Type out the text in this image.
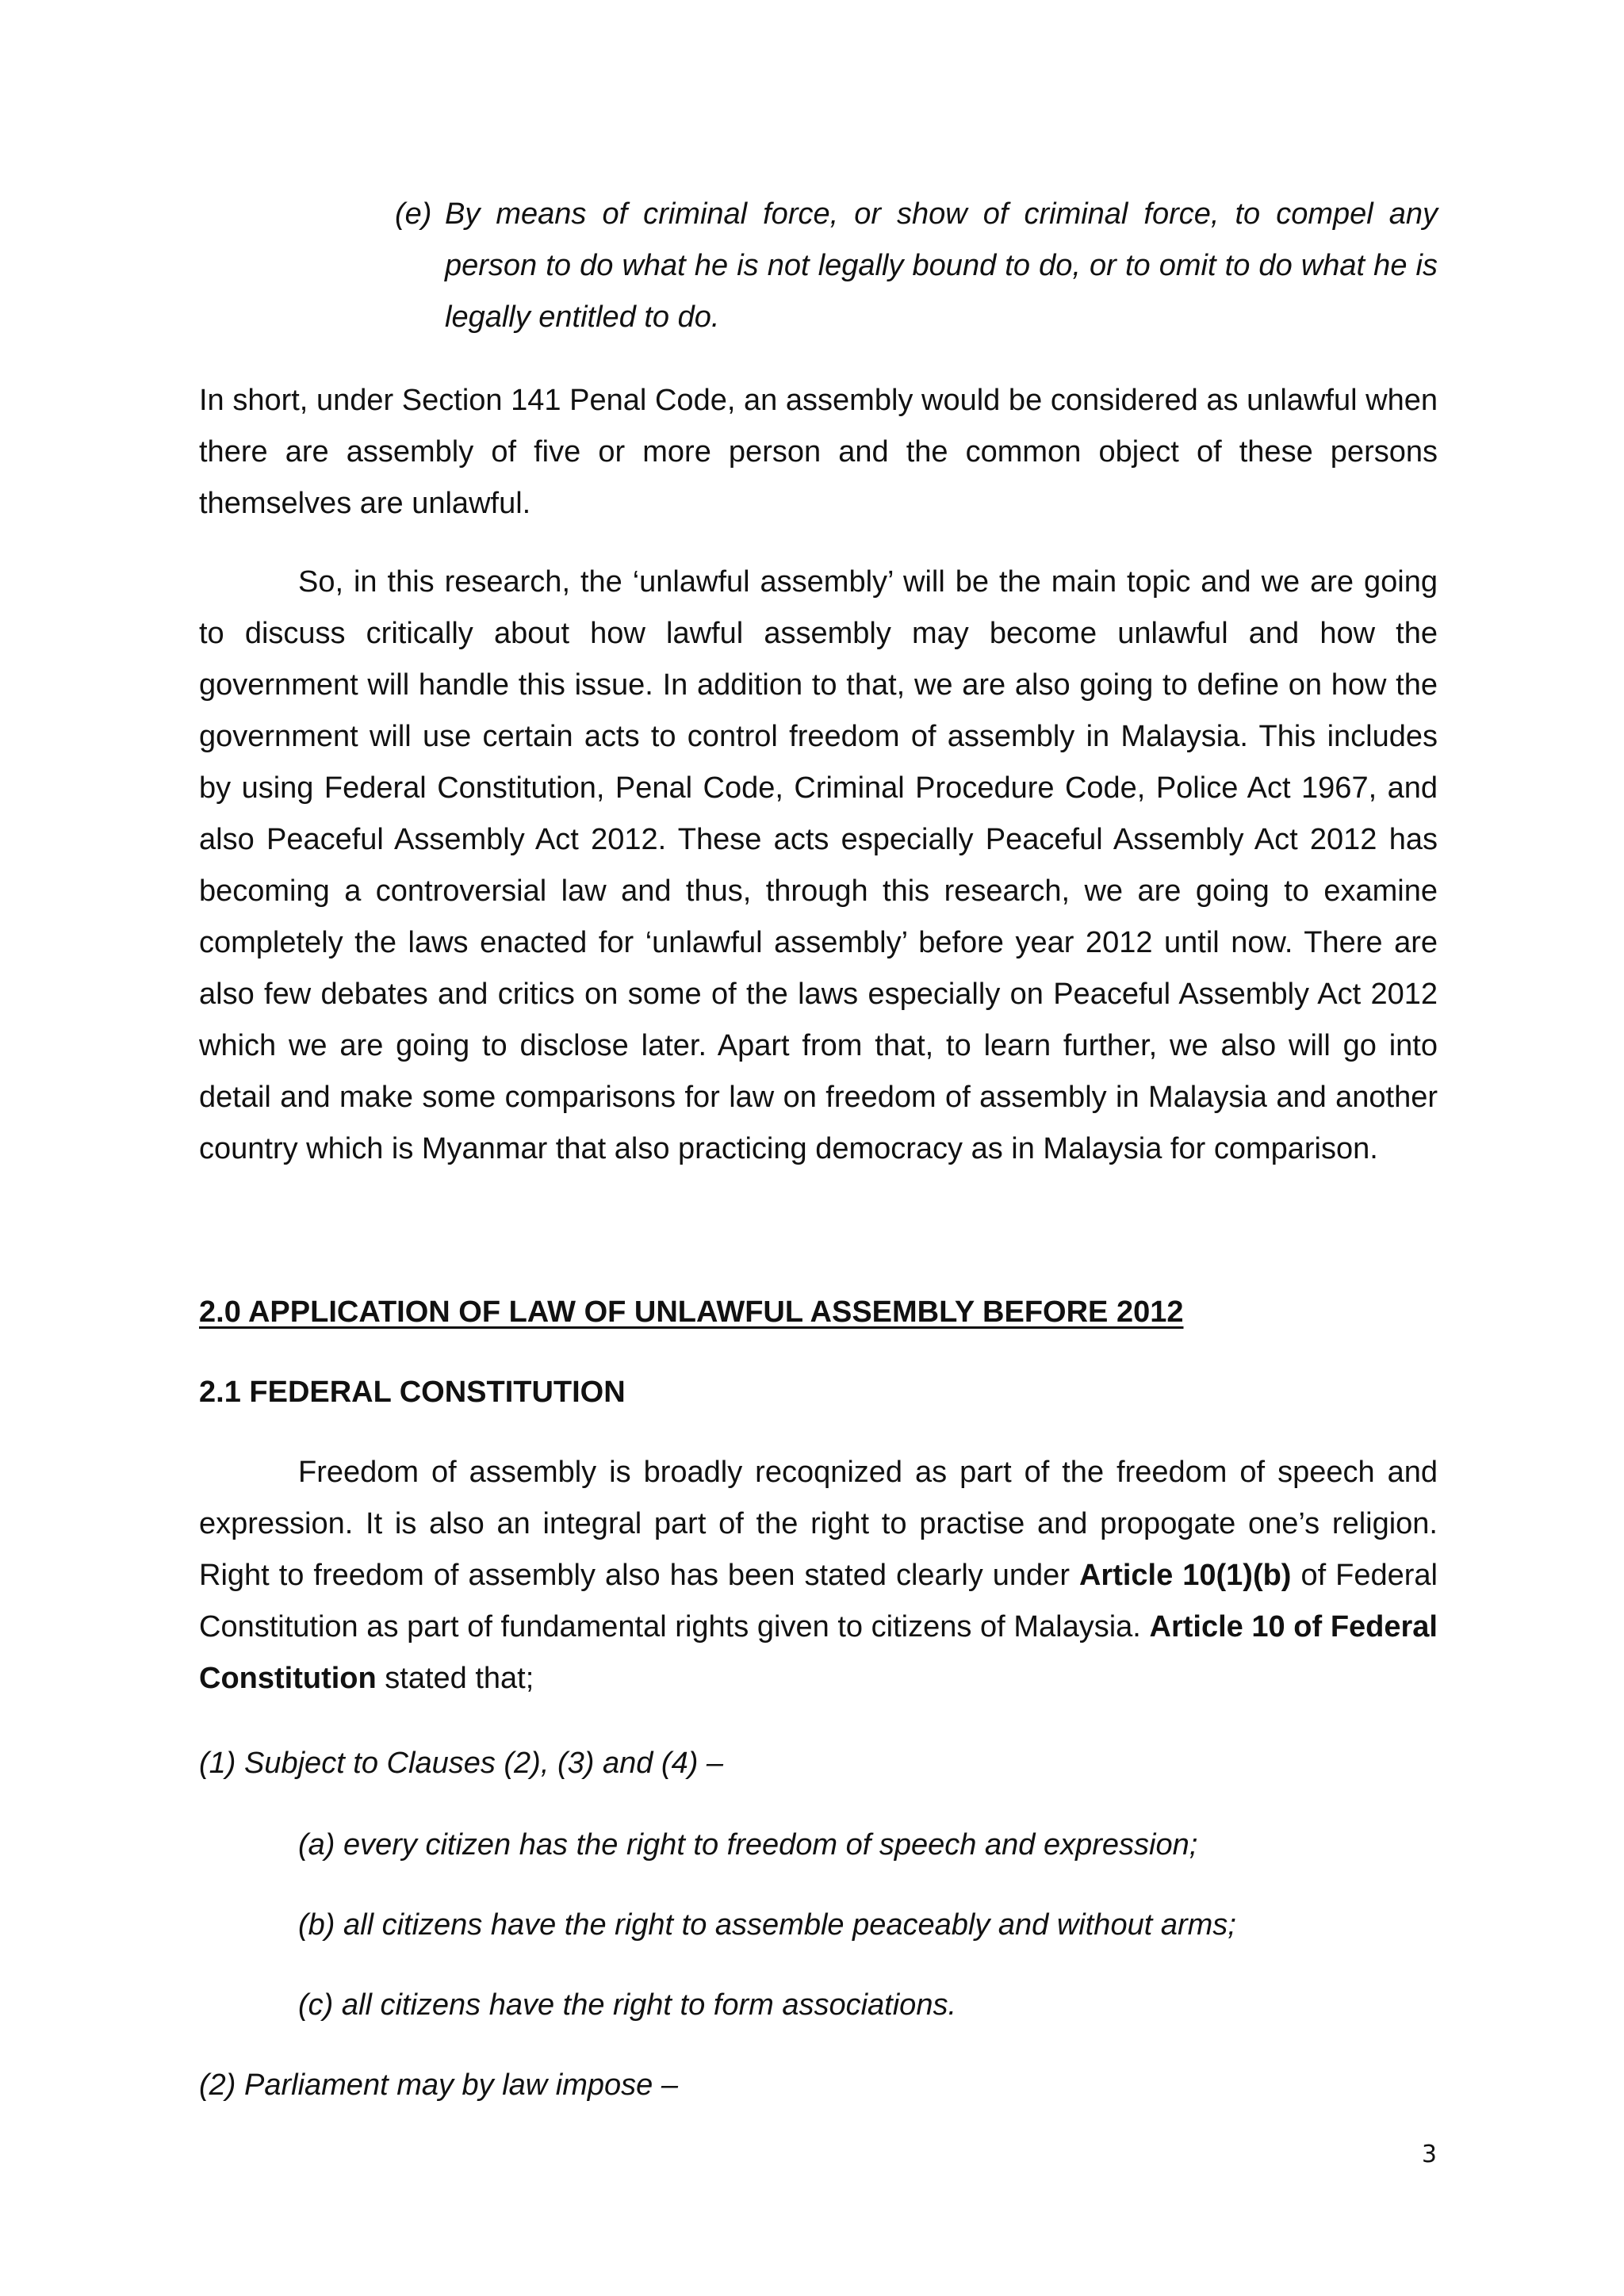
(e) By means of criminal force, or show of criminal force, to compel any person to do what he is not legally bound to do, or to omit to do what he is legally entitled to do.

In short, under Section 141 Penal Code, an assembly would be considered as unlawful when there are assembly of five or more person and the common object of these persons themselves are unlawful.

So, in this research, the ‘unlawful assembly’ will be the main topic and we are going to discuss critically about how lawful assembly may become unlawful and how the government will handle this issue. In addition to that, we are also going to define on how the government will use certain acts to control freedom of assembly in Malaysia. This includes by using Federal Constitution, Penal Code, Criminal Procedure Code, Police Act 1967, and also Peaceful Assembly Act 2012. These acts especially Peaceful Assembly Act 2012 has becoming a controversial law and thus, through this research, we are going to examine completely the laws enacted for ‘unlawful assembly’ before year 2012 until now. There are also few debates and critics on some of the laws especially on Peaceful Assembly Act 2012 which we are going to disclose later. Apart from that, to learn further, we also will go into detail and make some comparisons for law on freedom of assembly in Malaysia and another country which is Myanmar that also practicing democracy as in Malaysia for comparison.

2.0 APPLICATION OF LAW OF UNLAWFUL ASSEMBLY BEFORE 2012

2.1 FEDERAL CONSTITUTION

Freedom of assembly is broadly recoqnized as part of the freedom of speech and expression. It is also an integral part of the right to practise and propogate one’s religion. Right to freedom of assembly also has been stated clearly under Article 10(1)(b) of Federal Constitution as part of fundamental rights given to citizens of Malaysia. Article 10 of Federal Constitution stated that;

(1) Subject to Clauses (2), (3) and (4) –

(a) every citizen has the right to freedom of speech and expression;

(b) all citizens have the right to assemble peaceably and without arms;

(c) all citizens have the right to form associations.

(2) Parliament may by law impose –

3
